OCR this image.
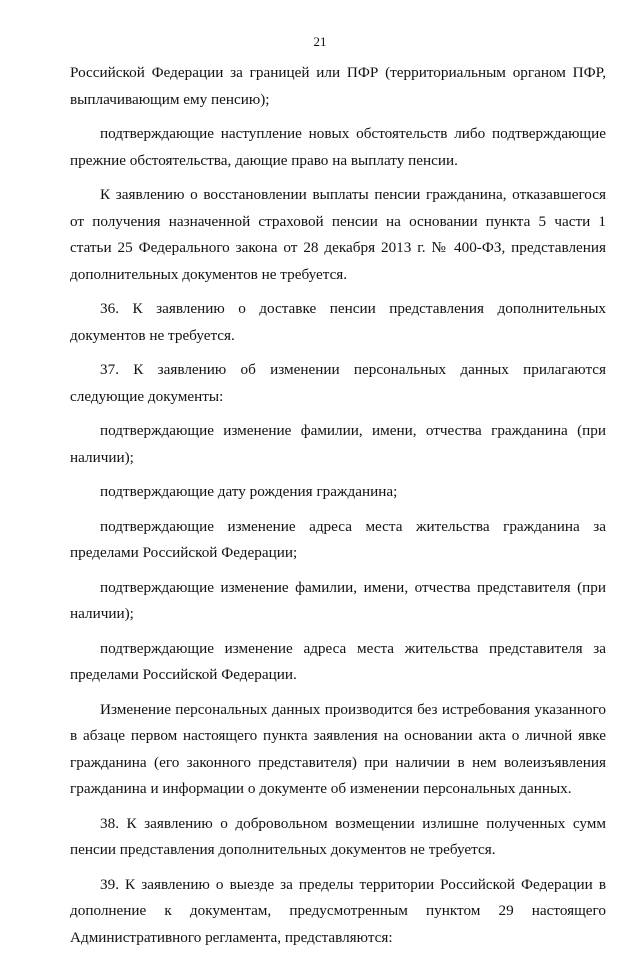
21

Российской Федерации за границей или ПФР (территориальным органом ПФР, выплачивающим ему пенсию);

подтверждающие наступление новых обстоятельств либо подтверждающие прежние обстоятельства, дающие право на выплату пенсии.

К заявлению о восстановлении выплаты пенсии гражданина, отказавшегося от получения назначенной страховой пенсии на основании пункта 5 части 1 статьи 25 Федерального закона от 28 декабря 2013 г. № 400-ФЗ, представления дополнительных документов не требуется.

36. К заявлению о доставке пенсии представления дополнительных документов не требуется.

37. К заявлению об изменении персональных данных прилагаются следующие документы:

подтверждающие изменение фамилии, имени, отчества гражданина (при наличии);

подтверждающие дату рождения гражданина;

подтверждающие изменение адреса места жительства гражданина за пределами Российской Федерации;

подтверждающие изменение фамилии, имени, отчества представителя (при наличии);

подтверждающие изменение адреса места жительства представителя за пределами Российской Федерации.

Изменение персональных данных производится без истребования указанного в абзаце первом настоящего пункта заявления на основании акта о личной явке гражданина (его законного представителя) при наличии в нем волеизъявления гражданина и информации о документе об изменении персональных данных.

38. К заявлению о добровольном возмещении излишне полученных сумм пенсии представления дополнительных документов не требуется.

39. К заявлению о выезде за пределы территории Российской Федерации в дополнение к документам, предусмотренным пунктом 29 настоящего Административного регламента, представляются:
